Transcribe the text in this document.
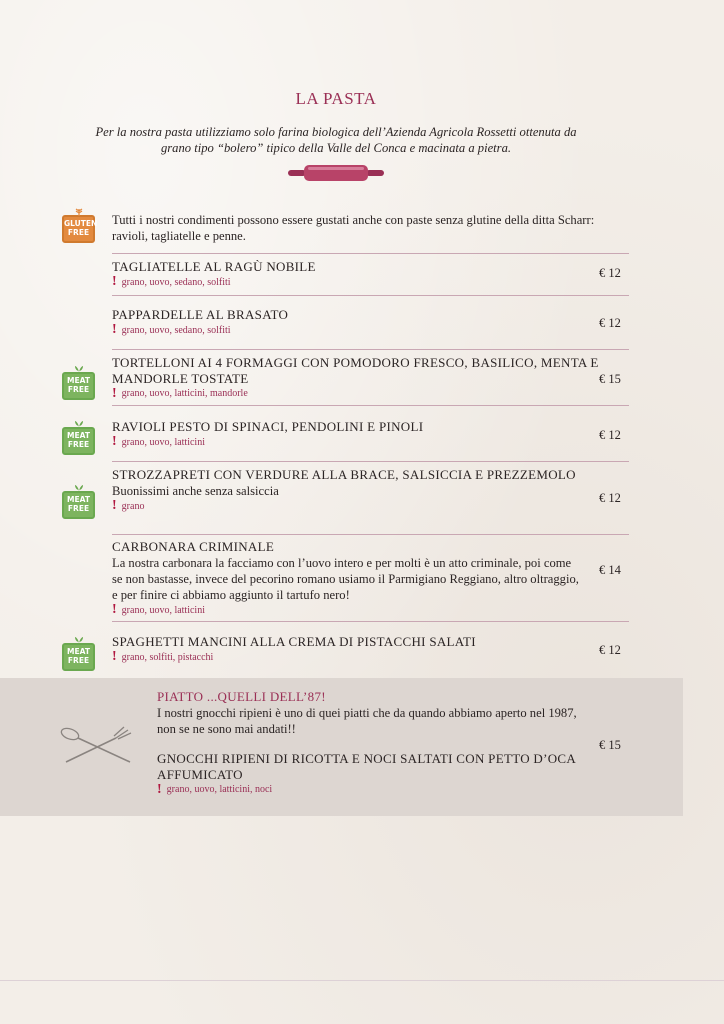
LA PASTA
Per la nostra pasta utilizziamo solo farina biologica dell’Azienda Agricola Rossetti ottenuta da grano tipo “bolero” tipico della Valle del Conca e macinata a pietra.
GLUTEN FREE
Tutti i nostri condimenti possono essere gustati anche con paste senza glutine della ditta Scharr: ravioli, tagliatelle e penne.
TAGLIATELLE AL RAGÙ NOBILE
! grano, uovo, sedano, solfiti
€ 12
PAPPARDELLE AL BRASATO
! grano, uovo, sedano, solfiti	€ 12
MEAT FREE
TORTELLONI AI 4 FORMAGGI CON POMODORO FRESCO, BASILICO, MENTA E MANDORLE TOSTATE
! grano, uovo, latticini, mandorle
€ 15
MEAT FREE
RAVIOLI PESTO DI SPINACI, PENDOLINI E PINOLI
! grano, uovo, latticini	€ 12
MEAT FREE
STROZZAPRETI CON VERDURE ALLA BRACE, SALSICCIA E PREZZEMOLO
Buonissimi anche senza salsiccia
! grano
€ 12
CARBONARA CRIMINALE
La nostra carbonara la facciamo con l’uovo intero e per molti è un atto criminale, poi come se non bastasse, invece del pecorino romano usiamo il Parmigiano Reggiano, altro oltraggio, e per finire ci abbiamo aggiunto il tartufo nero!
! grano, uovo, latticini
€ 14
MEAT FREE
SPAGHETTI MANCINI ALLA CREMA DI PISTACCHI SALATI
! grano, solfiti, pistacchi	€ 12
PIATTO ...QUELLI DELL’87!
I nostri gnocchi ripieni è uno di quei piatti che da quando abbiamo aperto nel 1987, non se ne sono mai andati!!
GNOCCHI RIPIENI DI RICOTTA E NOCI SALTATI CON PETTO D’OCA AFFUMICATO
! grano, uovo, latticini, noci
€ 15
